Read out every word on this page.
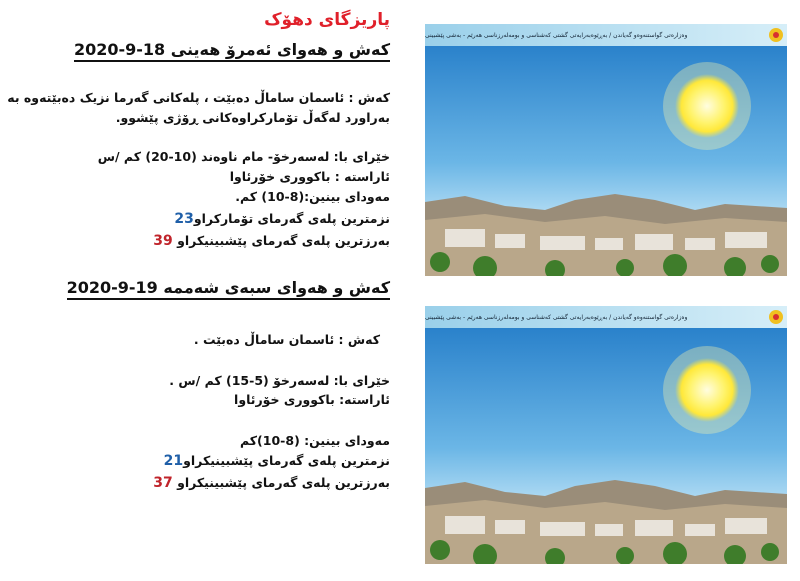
پاریزگای دهۆک
کەش و هەوای ئەمرۆ هەینی 18-9-2020
کەش : ئاسمان ساماڵ دەبێت ، پلەکانی گەرما نزیک دەبێتەوە بە
بەراورد لەگەڵ تۆمارکراوەکانی ڕۆژی پێشوو.
خێرای با: لەسەرخۆ- مام ناوەند (10-20) کم /س
ئاراستە : باکووری خۆرئاوا
مەودای بینین:(8-10) کم.
نزمترین پلەی گەرمای تۆمارکراو23
بەرزترین پلەی گەرمای پێشبینیکراو 39
کەش و هەوای سبەی شەممە 19-9-2020
کەش : ئاسمان ساماڵ دەبێت .
خێرای با: لەسەرخۆ (5-15) کم /س .
ئاراستە: باکووری خۆرئاوا
مەودای بینین: (8-10)کم
نزمترین پلەی گەرمای پێشبینیکراو21
بەرزترین پلەی گەرمای پێشبینیکراو 37
وەزارەتی گواستنەوەو گەیاندن / بەڕێوەبەرایەتی گشتی کەشناسی و بومەلەرزناسی هەرێم - بەشی پێشبینی
وەزارەتی گواستنەوەو گەیاندن / بەڕێوەبەرایەتی گشتی کەشناسی و بومەلەرزناسی هەرێم - بەشی پێشبینی
